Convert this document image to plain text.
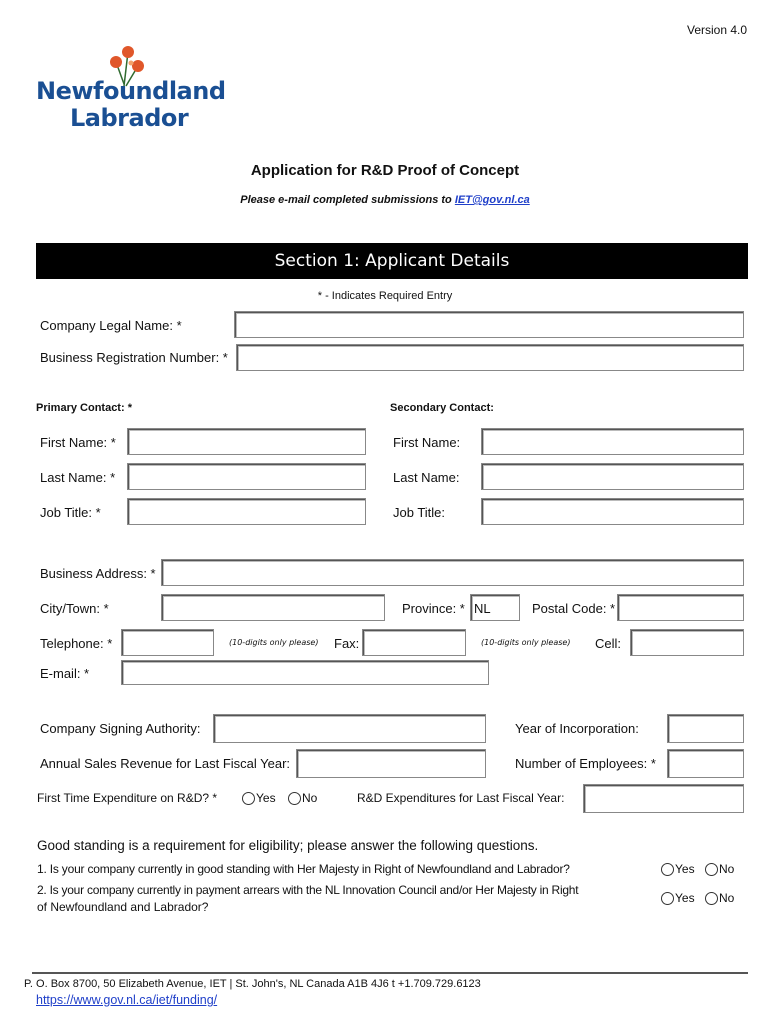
Version 4.0
Newfoundland
Labrador
Application for R&D Proof of Concept
Please e-mail completed submissions to IET@gov.nl.ca
Section 1: Applicant Details
* - Indicates Required Entry
Company Legal Name: *
Business Registration Number: *
Primary Contact: *	Secondary Contact:
First Name: *	First Name:
Last Name: *	Last Name:
Job Title: *	Job Title:
Business Address: *
City/Town: *	Province: * NL	Postal Code: *
Telephone: *	(10-digits only please) Fax:	(10-digits only please) Cell:
E-mail: *
Company Signing Authority:	Year of Incorporation:
Annual Sales Revenue for Last Fiscal Year:	Number of Employees: *
First Time Expenditure on R&D? *	Yes No	R&D Expenditures for Last Fiscal Year:
Good standing is a requirement for eligibility; please answer the following questions.
1. Is your company currently in good standing with Her Majesty in Right of Newfoundland and Labrador?	Yes No
2. Is your company currently in payment arrears with the NL Innovation Council and/or Her Majesty in Right
of Newfoundland and Labrador?
Yes No
P. O. Box 8700, 50 Elizabeth Avenue, IET | St. John's, NL Canada A1B 4J6 t +1.709.729.6123
https://www.gov.nl.ca/iet/funding/
